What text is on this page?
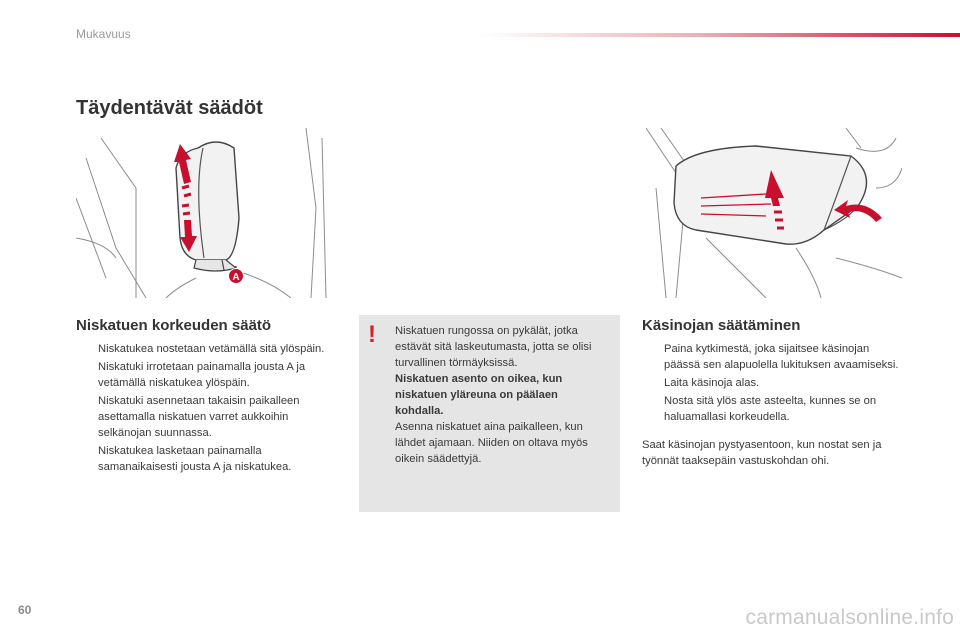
Mukavuus
Täydentävät säädöt
A
Niskatuen korkeuden säätö
Niskatukea nostetaan vetämällä sitä ylöspäin.
Niskatuki irrotetaan painamalla jousta A ja vetämällä niskatukea ylöspäin.
Niskatuki asennetaan takaisin paikalleen asettamalla niskatuen varret aukkoihin selkänojan suunnassa.
Niskatukea lasketaan painamalla samanaikaisesti jousta A ja niskatukea.
! Niskatuen rungossa on pykälät, jotka estävät sitä laskeutumasta, jotta se olisi turvallinen törmäyksissä.

Niskatuen asento on oikea, kun niskatuen yläreuna on päälaen kohdalla.

Asenna niskatuet aina paikalleen, kun lähdet ajamaan. Niiden on oltava myös oikein säädettyjä.

Käsinojan säätäminen
Paina kytkimestä, joka sijaitsee käsinojan päässä sen alapuolella lukituksen avaamiseksi.
Laita käsinoja alas.
Nosta sitä ylös aste asteelta, kunnes se on haluamallasi korkeudella.

Saat käsinojan pystyasentoon, kun nostat sen ja työnnät taaksepäin vastuskohdan ohi.

60	carmanualsonline.info
